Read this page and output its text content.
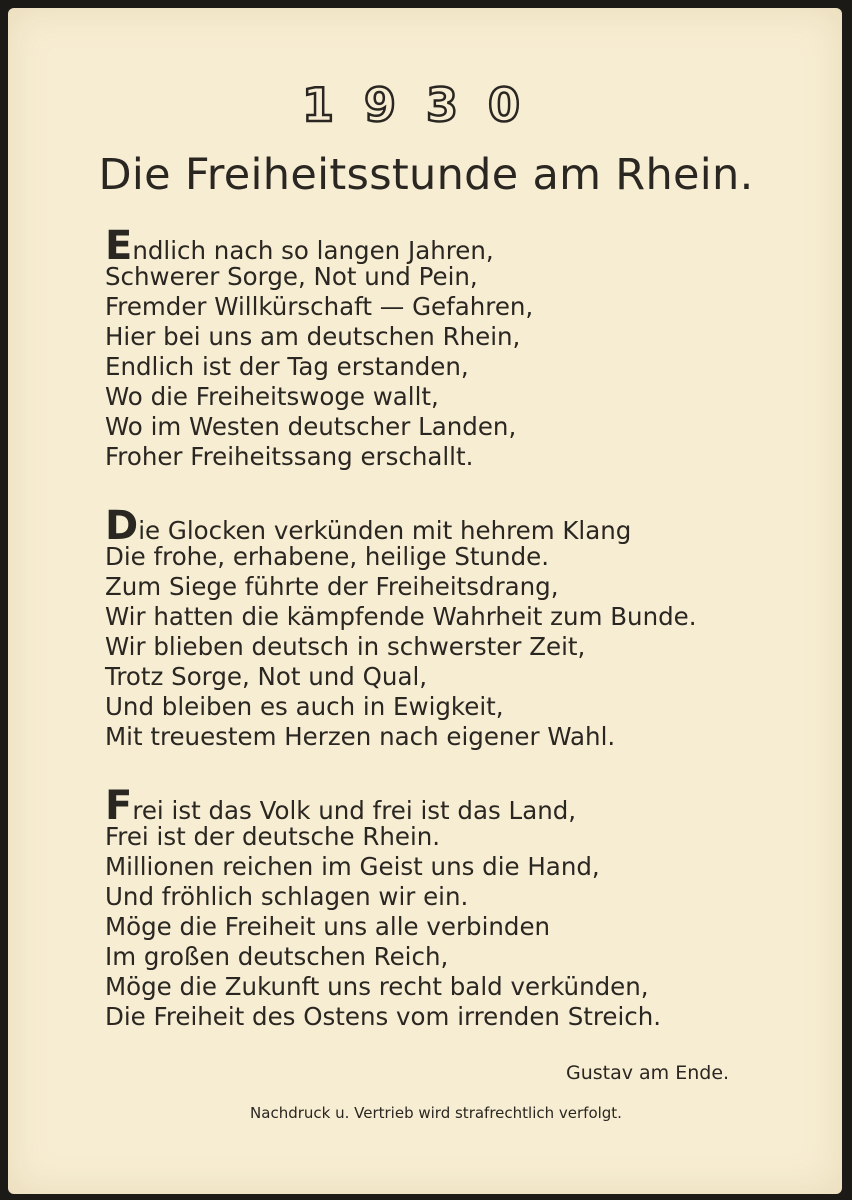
1930
Die Freiheitsstunde am Rhein.
Endlich nach so langen Jahren,
Schwerer Sorge, Not und Pein,
Fremder Willkürschaft — Gefahren,
Hier bei uns am deutschen Rhein,
Endlich ist der Tag erstanden,
Wo die Freiheitswoge wallt,
Wo im Westen deutscher Landen,
Froher Freiheitssang erschallt.
Die Glocken verkünden mit hehrem Klang
Die frohe, erhabene, heilige Stunde.
Zum Siege führte der Freiheitsdrang,
Wir hatten die kämpfende Wahrheit zum Bunde.
Wir blieben deutsch in schwerster Zeit,
Trotz Sorge, Not und Qual,
Und bleiben es auch in Ewigkeit,
Mit treuestem Herzen nach eigener Wahl.
Frei ist das Volk und frei ist das Land,
Frei ist der deutsche Rhein.
Millionen reichen im Geist uns die Hand,
Und fröhlich schlagen wir ein.
Möge die Freiheit uns alle verbinden
Im großen deutschen Reich,
Möge die Zukunft uns recht bald verkünden,
Die Freiheit des Ostens vom irrenden Streich.
Gustav am Ende.
Nachdruck u. Vertrieb wird strafrechtlich verfolgt.
